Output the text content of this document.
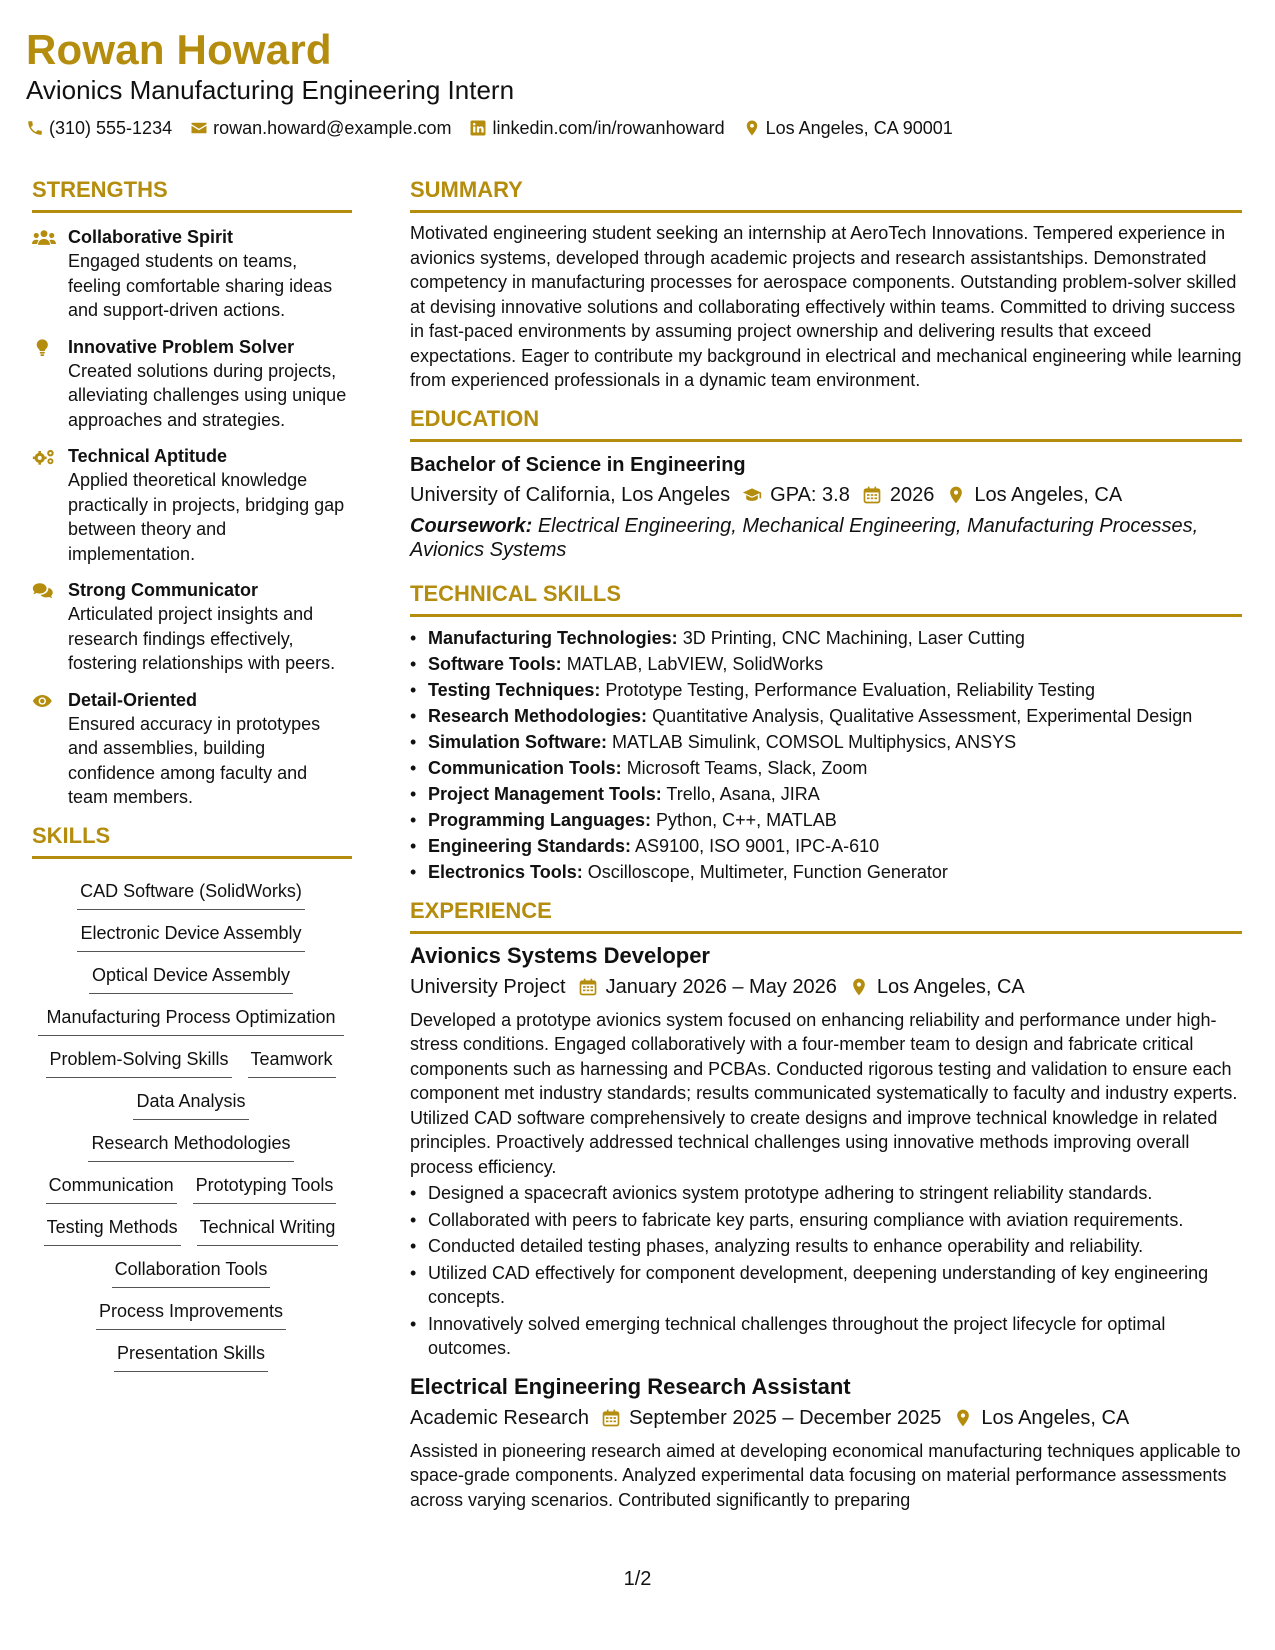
Rowan Howard
Avionics Manufacturing Engineering Intern
(310) 555-1234 rowan.howard@example.com linkedin.com/in/rowanhoward Los Angeles, CA 90001
STRENGTHS
Collaborative Spirit
Engaged students on teams, feeling comfortable sharing ideas and support-driven actions.
Innovative Problem Solver
Created solutions during projects, alleviating challenges using unique approaches and strategies.
Technical Aptitude
Applied theoretical knowledge practically in projects, bridging gap between theory and implementation.
Strong Communicator
Articulated project insights and research findings effectively, fostering relationships with peers.
Detail-Oriented
Ensured accuracy in prototypes and assemblies, building confidence among faculty and team members.
SKILLS
CAD Software (SolidWorks)
Electronic Device Assembly
Optical Device Assembly
Manufacturing Process Optimization
Problem-Solving Skills Teamwork
Data Analysis
Research Methodologies
Communication Prototyping Tools
Testing Methods Technical Writing
Collaboration Tools
Process Improvements
Presentation Skills
SUMMARY
Motivated engineering student seeking an internship at AeroTech Innovations. Tempered experience in avionics systems, developed through academic projects and research assistantships. Demonstrated competency in manufacturing processes for aerospace components. Outstanding problem-solver skilled at devising innovative solutions and collaborating effectively within teams. Committed to driving success in fast-paced environments by assuming project ownership and delivering results that exceed expectations. Eager to contribute my background in electrical and mechanical engineering while learning from experienced professionals in a dynamic team environment.
EDUCATION
Bachelor of Science in Engineering
University of California, Los Angeles GPA: 3.8 2026 Los Angeles, CA
Coursework: Electrical Engineering, Mechanical Engineering, Manufacturing Processes, Avionics Systems
TECHNICAL SKILLS
• Manufacturing Technologies: 3D Printing, CNC Machining, Laser Cutting
• Software Tools: MATLAB, LabVIEW, SolidWorks
• Testing Techniques: Prototype Testing, Performance Evaluation, Reliability Testing
• Research Methodologies: Quantitative Analysis, Qualitative Assessment, Experimental Design
• Simulation Software: MATLAB Simulink, COMSOL Multiphysics, ANSYS
• Communication Tools: Microsoft Teams, Slack, Zoom
• Project Management Tools: Trello, Asana, JIRA
• Programming Languages: Python, C++, MATLAB
• Engineering Standards: AS9100, ISO 9001, IPC-A-610
• Electronics Tools: Oscilloscope, Multimeter, Function Generator
EXPERIENCE
Avionics Systems Developer
University Project January 2026 – May 2026 Los Angeles, CA
Developed a prototype avionics system focused on enhancing reliability and performance under high-stress conditions. Engaged collaboratively with a four-member team to design and fabricate critical components such as harnessing and PCBAs. Conducted rigorous testing and validation to ensure each component met industry standards; results communicated systematically to faculty and industry experts. Utilized CAD software comprehensively to create designs and improve technical knowledge in related principles. Proactively addressed technical challenges using innovative methods improving overall process efficiency.
• Designed a spacecraft avionics system prototype adhering to stringent reliability standards.
• Collaborated with peers to fabricate key parts, ensuring compliance with aviation requirements.
• Conducted detailed testing phases, analyzing results to enhance operability and reliability.
• Utilized CAD effectively for component development, deepening understanding of key engineering concepts.
• Innovatively solved emerging technical challenges throughout the project lifecycle for optimal outcomes.
Electrical Engineering Research Assistant
Academic Research September 2025 – December 2025 Los Angeles, CA
Assisted in pioneering research aimed at developing economical manufacturing techniques applicable to space-grade components. Analyzed experimental data focusing on material performance assessments across varying scenarios. Contributed significantly to preparing
1/2
